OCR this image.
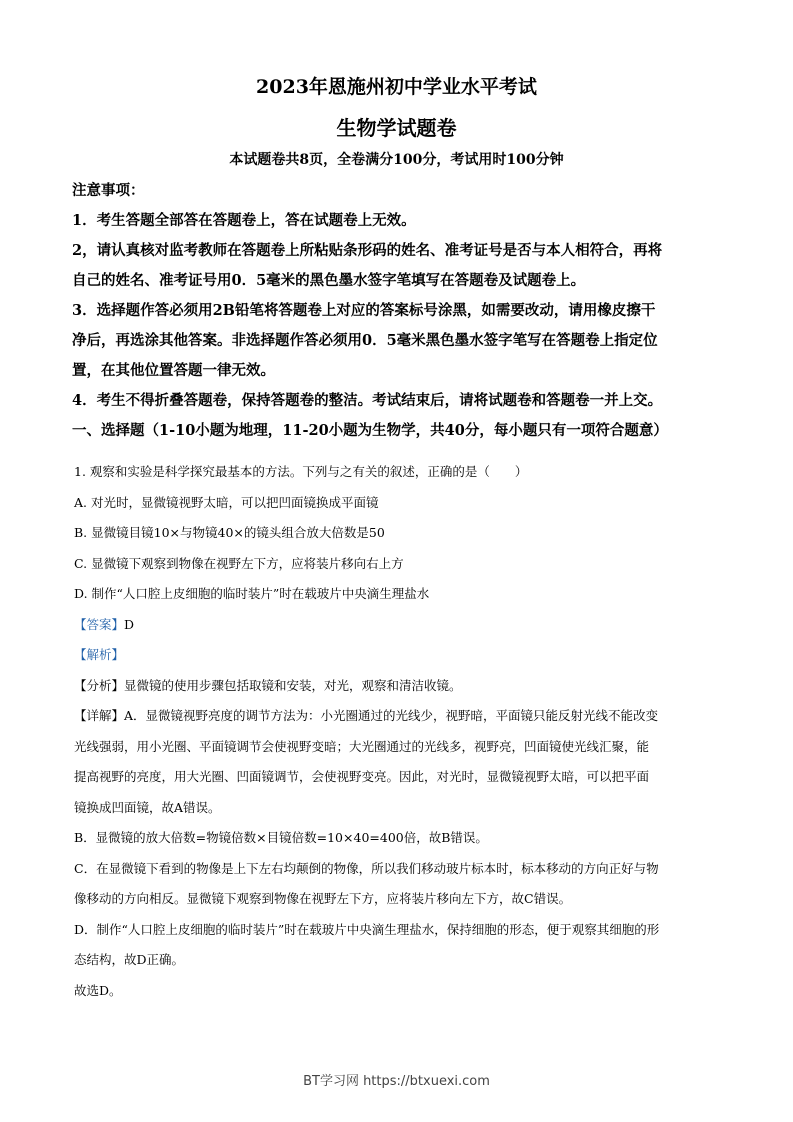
2023年恩施州初中学业水平考试
生物学试题卷
本试题卷共8页，全卷满分100分，考试用时100分钟
注意事项：
1．考生答题全部答在答题卷上，答在试题卷上无效。
2，请认真核对监考教师在答题卷上所粘贴条形码的姓名、准考证号是否与本人相符合，再将
自己的姓名、准考证号用0．5毫米的黑色墨水签字笔填写在答题卷及试题卷上。
3．选择题作答必须用2B铅笔将答题卷上对应的答案标号涂黑，如需要改动，请用橡皮擦干
净后，再选涂其他答案。非选择题作答必须用0．5毫米黑色墨水签字笔写在答题卷上指定位
置，在其他位置答题一律无效。
4．考生不得折叠答题卷，保持答题卷的整洁。考试结束后，请将试题卷和答题卷一并上交。
一、选择题（1-10小题为地理，11-20小题为生物学，共40分，每小题只有一项符合题意）
1. 观察和实验是科学探究最基本的方法。下列与之有关的叙述，正确的是（　　）
A. 对光时，显微镜视野太暗，可以把凹面镜换成平面镜
B. 显微镜目镜10×与物镜40×的镜头组合放大倍数是50
C. 显微镜下观察到物像在视野左下方，应将装片移向右上方
D. 制作“人口腔上皮细胞的临时装片”时在载玻片中央滴生理盐水
【答案】D
【解析】
【分析】显微镜的使用步骤包括取镜和安装，对光，观察和清洁收镜。
【详解】A．显微镜视野亮度的调节方法为：小光圈通过的光线少，视野暗，平面镜只能反射光线不能改变
光线强弱，用小光圈、平面镜调节会使视野变暗；大光圈通过的光线多，视野亮，凹面镜使光线汇聚，能
提高视野的亮度，用大光圈、凹面镜调节，会使视野变亮。因此，对光时，显微镜视野太暗，可以把平面
镜换成凹面镜，故A错误。
B．显微镜的放大倍数=物镜倍数×目镜倍数=10×40=400倍，故B错误。
C．在显微镜下看到的物像是上下左右均颠倒的物像，所以我们移动玻片标本时，标本移动的方向正好与物
像移动的方向相反。显微镜下观察到物像在视野左下方，应将装片移向左下方，故C错误。
D．制作“人口腔上皮细胞的临时装片”时在载玻片中央滴生理盐水，保持细胞的形态，便于观察其细胞的形
态结构，故D正确。
故选D。
BT学习网 https://btxuexi.com
